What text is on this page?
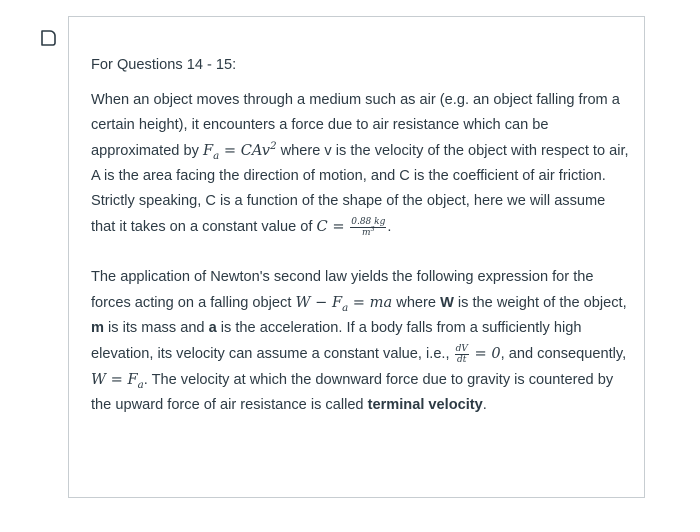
For Questions 14 - 15:

When an object moves through a medium such as air (e.g. an object falling from a certain height), it encounters a force due to air resistance which can be approximated by $F_a = CAv^2$ where v is the velocity of the object with respect to air, A is the area facing the direction of motion, and C is the coefficient of air friction. Strictly speaking, C is a function of the shape of the object, here we will assume that it takes on a constant value of $C = \frac{0.88 kg}{m^3}$ .

The application of Newton's second law yields the following expression for the forces acting on a falling object $W - F_a$ = ma where W is the weight of the object, m is its mass and a is the acceleration. If a body falls from a sufficiently high elevation, its velocity can assume a constant value, i.e., $\frac{dV}{dt} = 0$, and consequently, $W = F_a$. The velocity at which the downward force due to gravity is countered by the upward force of air resistance is called terminal velocity.
